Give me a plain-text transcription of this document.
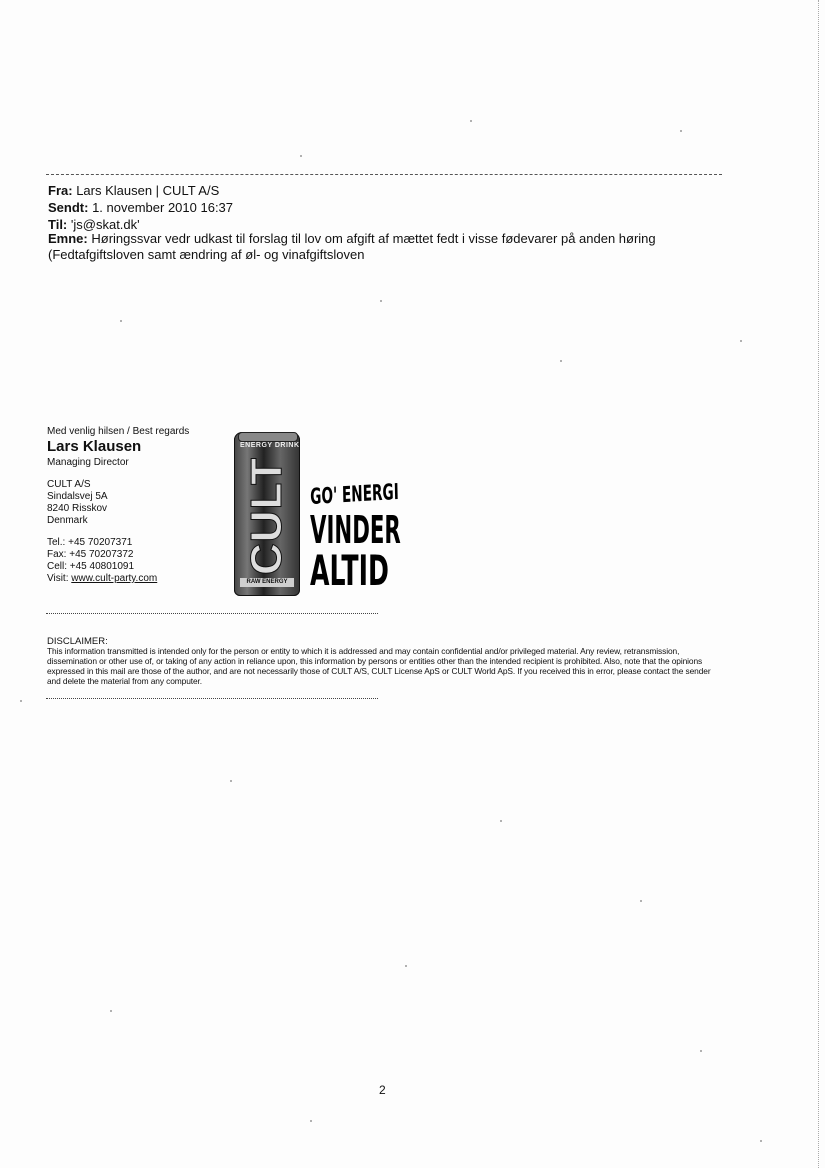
Fra: Lars Klausen | CULT A/S
Sendt: 1. november 2010 16:37
Til: 'js@skat.dk'
Emne: Høringssvar vedr udkast til forslag til lov om afgift af mættet fedt i visse fødevarer på anden høring
(Fedtafgiftsloven samt ændring af øl- og vinafgiftsloven
Med venlig hilsen / Best regards
Lars Klausen
Managing Director
CULT A/S
Sindalsvej 5A
8240 Risskov
Denmark
Tel.: +45 70207371
Fax: +45 70207372
Cell: +45 40801091
Visit: www.cult-party.com
ENERGY DRINK
CULT
RAW ENERGY
GO' ENERGI
VINDER
ALTID
DISCLAIMER:
This information transmitted is intended only for the person or entity to which it is addressed and may contain confidential and/or privileged material. Any review, retransmission, dissemination or other use of, or taking of any action in reliance upon, this information by persons or entities other than the intended recipient is prohibited. Also, note that the opinions expressed in this mail are those of the author, and are not necessarily those of CULT A/S, CULT License ApS or CULT World ApS. If you received this in error, please contact the sender and delete the material from any computer.
2
